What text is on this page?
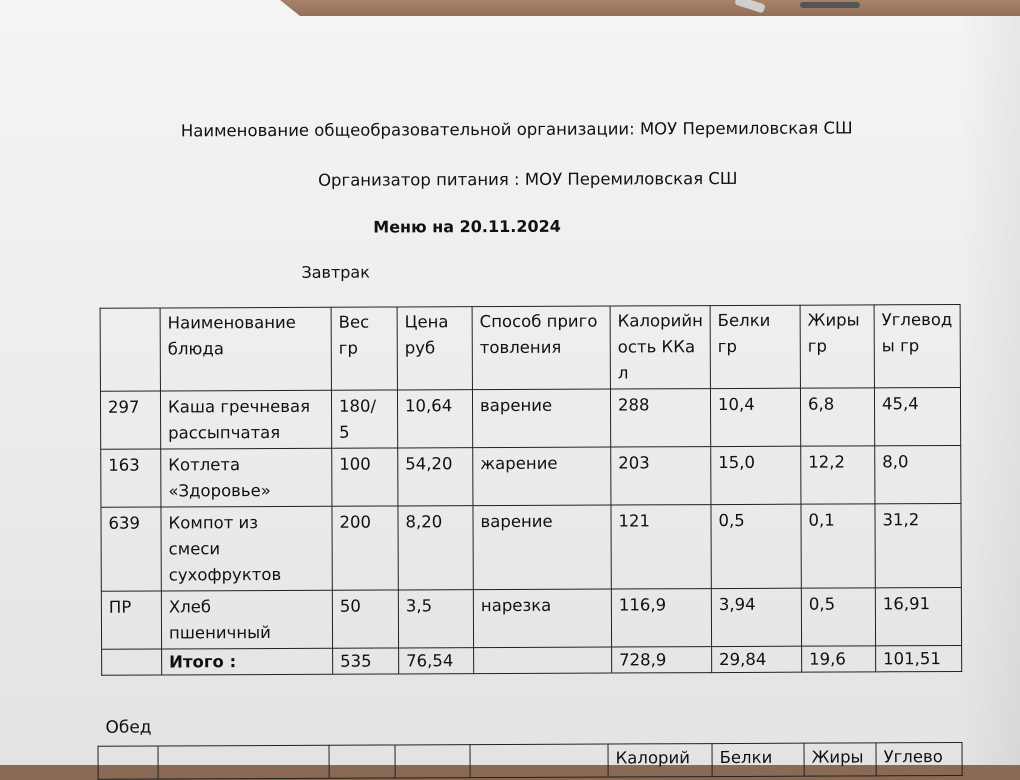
Наименование общеобразовательной организации: МОУ Перемиловская СШ
Организатор питания : МОУ Перемиловская СШ
Меню на 20.11.2024
Завтрак
	Наименование блюда	Вес гр	Цена руб	Способ приготовления	Калорийность ККал	Белки гр	Жиры гр	Углеводы гр
297	Каша гречневая рассыпчатая	180/ 5	10,64	варение	288	10,4	6,8	45,4
163	Котлета «Здоровье»	100	54,20	жарение	203	15,0	12,2	8,0
639	Компот из смеси сухофруктов	200	8,20	варение	121	0,5	0,1	31,2
ПР	Хлеб пшеничный	50	3,5	нарезка	116,9	3,94	0,5	16,91
	Итого :	535	76,54		728,9	29,84	19,6	101,51
Обед
					Калорий	Белки	Жиры	Углево
